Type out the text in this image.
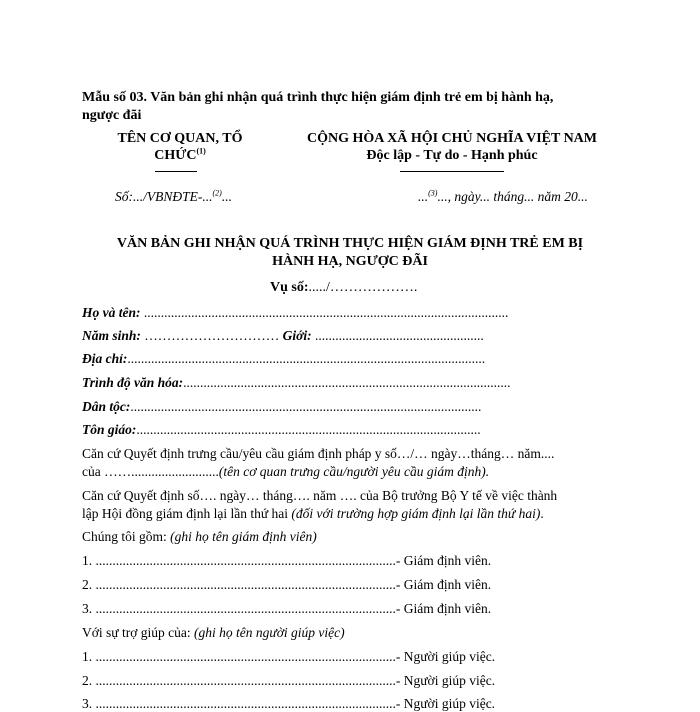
Mẫu số 03. Văn bản ghi nhận quá trình thực hiện giám định trẻ em bị hành hạ,
ngược đãi
TÊN CƠ QUAN, TỔ
CHỨC$^{(1)}$
CỘNG HÒA XÃ HỘI CHỦ NGHĨA VIỆT NAM
Độc lập - Tự do - Hạnh phúc
Số:.../VBNĐTE-...$^{(2)}$...	...$^{(3)}$..., ngày... tháng... năm 20...
VĂN BẢN GHI NHẬN QUÁ TRÌNH THỰC HIỆN GIÁM ĐỊNH TRẺ EM BỊ
HÀNH HẠ, NGƯỢC ĐÃI
Vụ số:...../……………….
Họ và tên: ............................................................................................................
Năm sinh: ………………………… Giới: ..................................................
Địa chỉ:..........................................................................................................
Trình độ văn hóa:.................................................................................................
Dân tộc:........................................................................................................
Tôn giáo:......................................................................................................
Căn cứ Quyết định trưng cầu/yêu cầu giám định pháp y số…/… ngày…tháng… năm....
của ……..........................(tên cơ quan trưng cầu/người yêu cầu giám định).
Căn cứ Quyết định số…. ngày… tháng…. năm …. của Bộ trưởng Bộ Y tế về việc thành
lập Hội đồng giám định lại lần thứ hai (đối với trường hợp giám định lại lần thứ hai).
Chúng tôi gồm: (ghi họ tên giám định viên)
1. .........................................................................................- Giám định viên.
2. .........................................................................................- Giám định viên.
3. .........................................................................................- Giám định viên.
Với sự trợ giúp của: (ghi họ tên người giúp việc)
1. .........................................................................................- Người giúp việc.
2. .........................................................................................- Người giúp việc.
3. .........................................................................................- Người giúp việc.
